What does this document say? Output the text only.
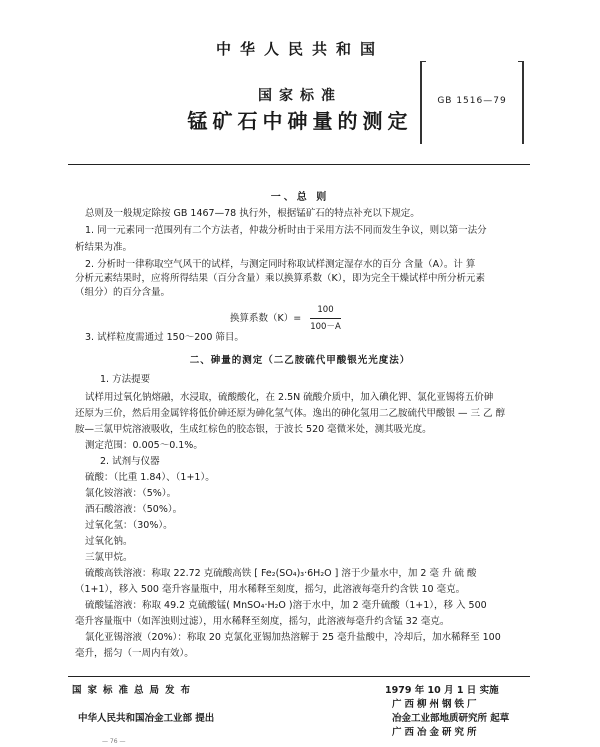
中华人民共和国
国家标准
锰矿石中砷量的测定
GB 1516—79
一、总 则
总则及一般规定除按 GB 1467—78 执行外，根据锰矿石的特点补充以下规定。
1. 同一元素同一范围列有二个方法者，仲裁分析时由于采用方法不同而发生争议，则以第一法分
析结果为准。
2. 分析时一律称取空气风干的试样，与测定同时称取试样测定湿存水的百分 含量（A）。计 算
分析元素结果时，应将所得结果（百分含量）乘以换算系数（K），即为完全干燥试样中所分析元素
（组分）的百分含量。
换算系数$(K)= \frac{100}{100-A}$
3. 试样粒度需通过 150～200 筛目。
二、砷量的测定（二乙胺硫代甲酸银光光度法）
1. 方法提要
试样用过氧化钠熔融，水浸取，硫酸酸化，在 2.5N 硫酸介质中，加入碘化钾、氯化亚锡将五价砷
还原为三价，然后用金属锌将低价砷还原为砷化氢气体。逸出的砷化氢用二乙胺硫代甲酸银 — 三 乙 醇
胺—三氯甲烷溶液吸收，生成红棕色的胶态银，于波长 520 毫微米处，测其吸光度。
测定范围：0.005～0.1%。
2. 试剂与仪器
硫酸：（比重 1.84）、（1+1）。
氯化铵溶液：（5%）。
酒石酸溶液：（50%）。
过氧化氢：（30%）。
过氧化钠。
三氯甲烷。
硫酸高铁溶液：称取 22.72 克硫酸高铁 [ Fe₂(SO₄)₃·6H₂O ] 溶于少量水中，加 2 毫 升 硫 酸
（1+1），移入 500 毫升容量瓶中，用水稀释至刻度，摇匀，此溶液每毫升约含铁 10 毫克。
硫酸锰溶液：称取 49.2 克硫酸锰( MnSO₄·H₂O )溶于水中，加 2 毫升硫酸（1+1），移 入 500
毫升容量瓶中（如浑浊则过滤），用水稀释至刻度，摇匀，此溶液每毫升约含锰 32 毫克。
氯化亚锡溶液（20%）：称取 20 克氯化亚锡加热溶解于 25 毫升盐酸中，冷却后，加水稀释至 100
毫升，摇匀（一周内有效）。
国家标准总局发布	1979 年 10 月 1 日 实施
中华人民共和国冶金工业部 提出
广西柳州钢铁厂
冶金工业部地质研究所 起草
广西冶金研究所
— 76 —
